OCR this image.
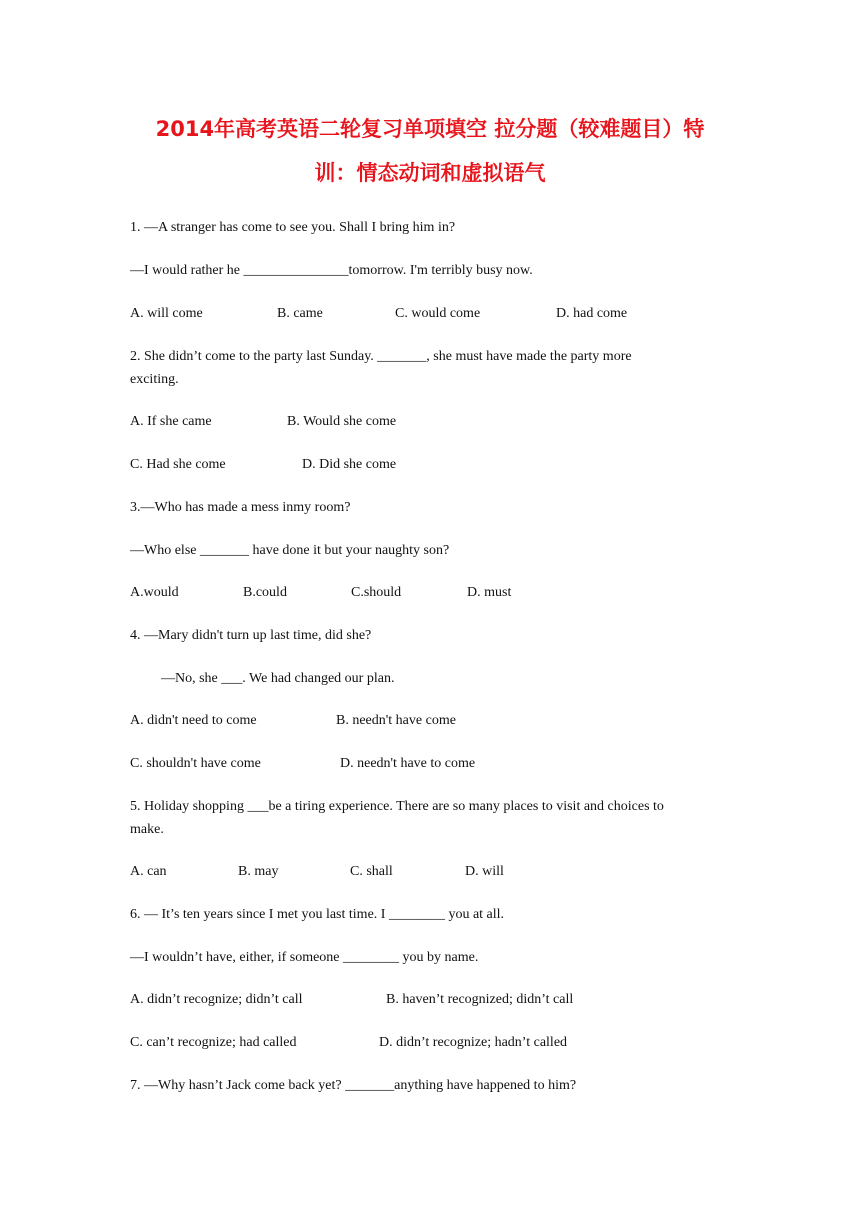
2014年高考英语二轮复习单项填空 拉分题（较难题目）特
训：情态动词和虚拟语气
1. —A stranger has come to see you. Shall I bring him in?
—I would rather he _______________tomorrow. I'm terribly busy now.
A. will come	B. came	C. would come	D. had come
2. She didn’t come to the party last Sunday. _______, she must have made the party more
exciting.
A. If she came	B. Would she come
C. Had she come	D. Did she come
3.—Who has made a mess inmy room?
—Who else _______ have done it but your naughty son?
A.would	B.could	C.should	D. must
4. —Mary didn't turn up last time, did she?
—No, she ___. We had changed our plan.
A. didn't need to come	B. needn't have come
C. shouldn't have come	D. needn't have to come
5. Holiday shopping ___be a tiring experience. There are so many places to visit and choices to
make.
A. can	B. may	C. shall	D. will
6. — It’s ten years since I met you last time. I ________ you at all.
—I wouldn’t have, either, if someone ________ you by name.
A. didn’t recognize; didn’t call	B. haven’t recognized; didn’t call
C. can’t recognize; had called	D. didn’t recognize; hadn’t called
7. —Why hasn’t Jack come back yet? _______anything have happened to him?
